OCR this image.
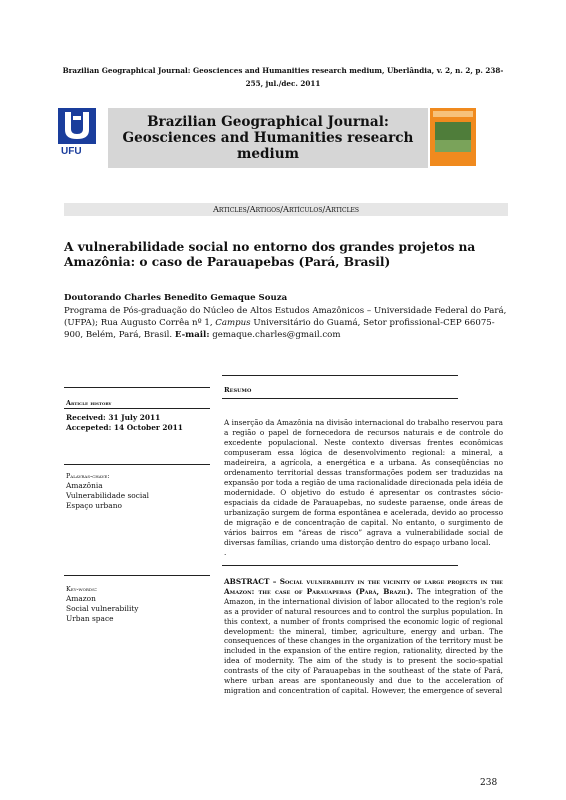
Brazilian Geographical Journal: Geosciences and Humanities research medium, Uberlândia, v. 2, n. 2, p. 238-255, jul./dec. 2011
UFU
Brazilian Geographical Journal: Geosciences and Humanities research medium
Articles/Artigos/Artículos/Articles
A vulnerabilidade social no entorno dos grandes projetos na Amazônia: o caso de Parauapebas (Pará, Brasil)
Doutorando Charles Benedito Gemaque Souza
Programa de Pós-graduação do Núcleo de Altos Estudos Amazônicos – Universidade Federal do Pará, (UFPA); Rua Augusto Corrêa nº 1, Campus Universitário do Guamá, Setor profissional-CEP 66075-900, Belém, Pará, Brasil. E-mail: gemaque.charles@gmail.com
Article history
Received: 31 July 2011
Accepeted: 14 October 2011
Palavras-chave:
Amazônia
Vulnerabilidade social
Espaço urbano
Key-words:
Amazon
Social vulnerability
Urban space
Resumo
A inserção da Amazônia na divisão internacional do trabalho reservou para a região o papel de fornecedora de recursos naturais e de controle do excedente populacional. Neste contexto diversas frentes econômicas compuseram essa lógica de desenvolvimento regional: a mineral, a madeireira, a agrícola, a energética e a urbana. As conseqüências no ordenamento territorial dessas transformações podem ser traduzidas na expansão por toda a região de uma racionalidade direcionada pela idéia de modernidade. O objetivo do estudo é apresentar os contrastes sócio-espaciais da cidade de Parauapebas, no sudeste paraense, onde áreas de urbanização surgem de forma espontânea e acelerada, devido ao processo de migração e de concentração de capital. No entanto, o surgimento de vários bairros em “áreas de risco” agrava a vulnerabilidade social de diversas famílias, criando uma distorção dentro do espaço urbano local.
.
ABSTRACT – Social vulnerability in the vicinity of large projects in the Amazon: the case of Parauapebas (Pará, Brazil). The integration of the Amazon, in the international division of labor allocated to the region's role as a provider of natural resources and to control the surplus population. In this context, a number of fronts comprised the economic logic of regional development: the mineral, timber, agriculture, energy and urban. The consequences of these changes in the organization of the territory must be included in the expansion of the entire region, rationality, directed by the idea of modernity. The aim of the study is to present the socio-spatial contrasts of the city of Parauapebas in the southeast of the state of Pará, where urban areas are spontaneously and due to the acceleration of migration and concentration of capital. However, the emergence of several
238
